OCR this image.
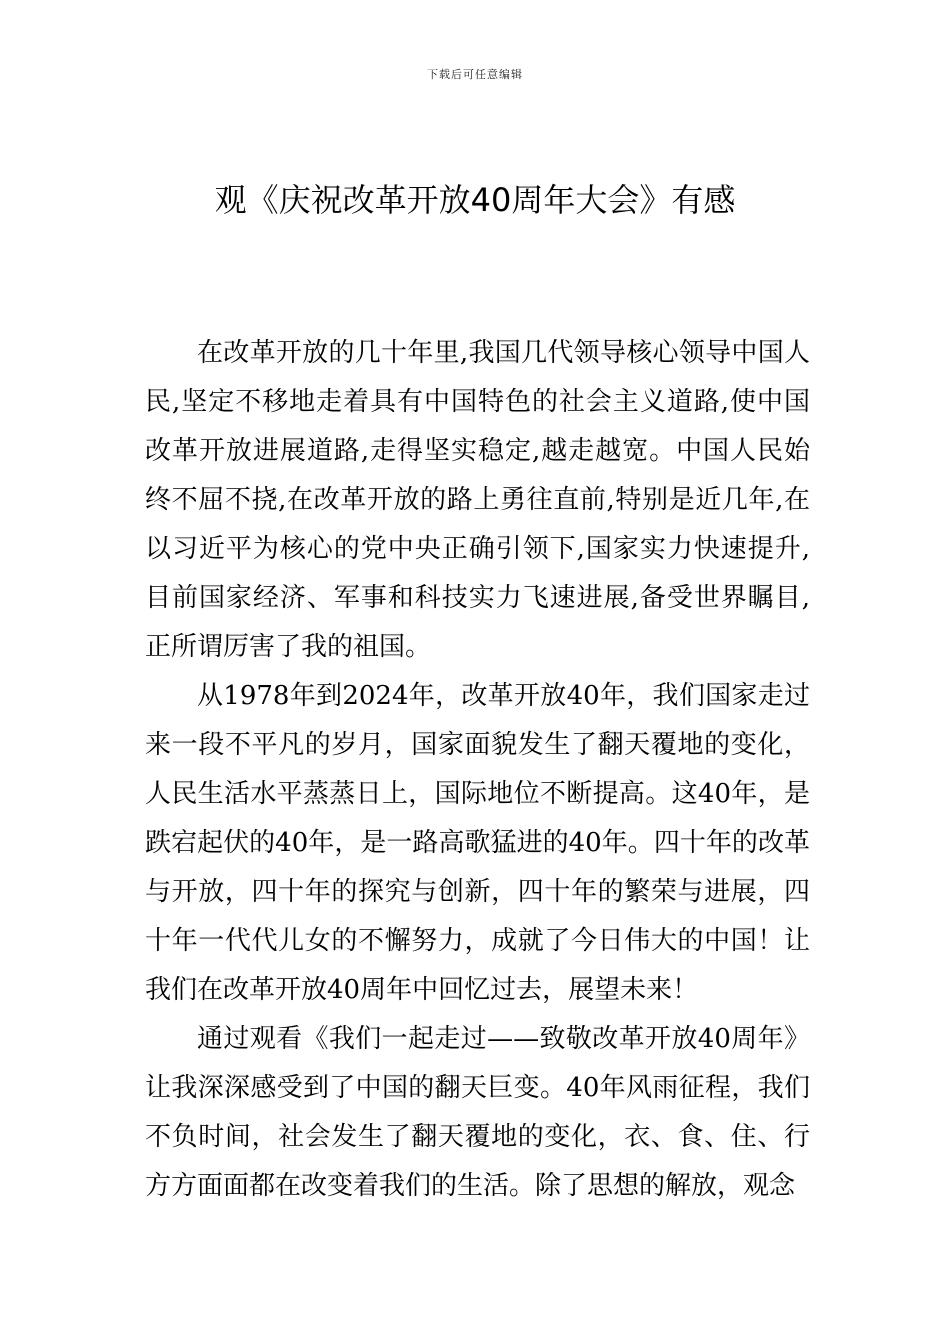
下载后可任意编辑
观《庆祝改革开放40周年大会》有感

在改革开放的几十年里,我国几代领导核心领导中国人民,坚定不移地走着具有中国特色的社会主义道路,使中国改革开放进展道路,走得坚实稳定,越走越宽。中国人民始终不屈不挠,在改革开放的路上勇往直前,特别是近几年,在以习近平为核心的党中央正确引领下,国家实力快速提升,目前国家经济、军事和科技实力飞速进展,备受世界瞩目,正所谓厉害了我的祖国。

从1978年到2024年，改革开放40年，我们国家走过来一段不平凡的岁月，国家面貌发生了翻天覆地的变化，人民生活水平蒸蒸日上，国际地位不断提高。这40年，是跌宕起伏的40年，是一路高歌猛进的40年。四十年的改革与开放，四十年的探究与创新，四十年的繁荣与进展，四十年一代代儿女的不懈努力，成就了今日伟大的中国！让我们在改革开放40周年中回忆过去，展望未来！

通过观看《我们一起走过——致敬改革开放40周年》让我深深感受到了中国的翻天巨变。40年风雨征程，我们不负时间，社会发生了翻天覆地的变化，衣、食、住、行方方面面都在改变着我们的生活。除了思想的解放，观念
